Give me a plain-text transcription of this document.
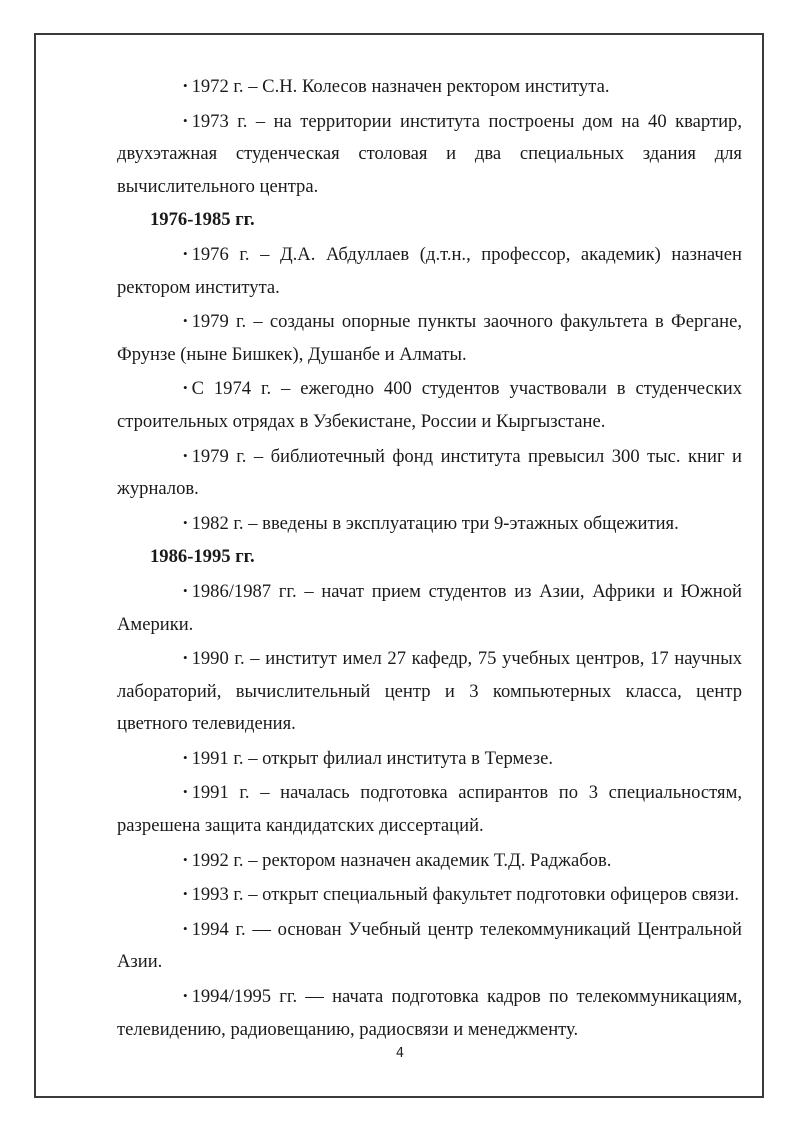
• 1972 г. – С.Н. Колесов назначен ректором института.

• 1973 г. – на территории института построены дом на 40 квартир, двухэтажная студенческая столовая и два специальных здания для вычислительного центра.

1976-1985 гг.

• 1976 г. – Д.А. Абдуллаев (д.т.н., профессор, академик) назначен ректором института.

• 1979 г. – созданы опорные пункты заочного факультета в Фергане, Фрунзе (ныне Бишкек), Душанбе и Алматы.

• С 1974 г. – ежегодно 400 студентов участвовали в студенческих строительных отрядах в Узбекистане, России и Кыргызстане.

• 1979 г. – библиотечный фонд института превысил 300 тыс. книг и журналов.

• 1982 г. – введены в эксплуатацию три 9-этажных общежития.

1986-1995 гг.

• 1986/1987 гг. – начат прием студентов из Азии, Африки и Южной Америки.

• 1990 г. – институт имел 27 кафедр, 75 учебных центров, 17 научных лабораторий, вычислительный центр и 3 компьютерных класса, центр цветного телевидения.

• 1991 г. – открыт филиал института в Термезе.

• 1991 г. – началась подготовка аспирантов по 3 специальностям, разрешена защита кандидатских диссертаций.

• 1992 г. – ректором назначен академик Т.Д. Раджабов.

• 1993 г. – открыт специальный факультет подготовки офицеров связи.

• 1994 г. — основан Учебный центр телекоммуникаций Центральной Азии.

• 1994/1995 гг. — начата подготовка кадров по телекоммуникациям, телевидению, радиовещанию, радиосвязи и менеджменту.

4
